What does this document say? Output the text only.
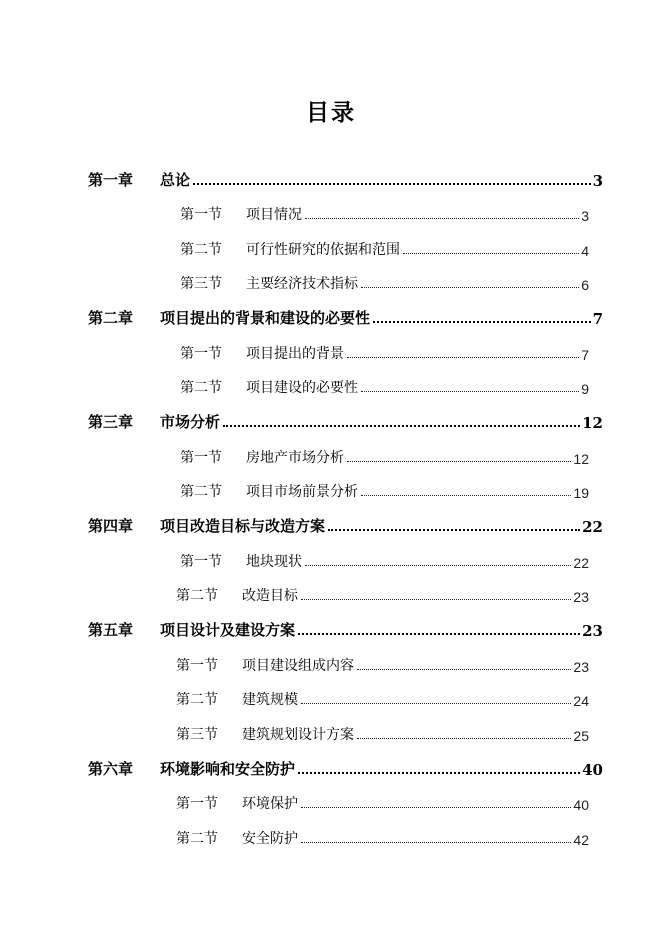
目录
第一章	总论	3
第一节	项目情况	3
第二节	可行性研究的依据和范围	4
第三节	主要经济技术指标	6
第二章	项目提出的背景和建设的必要性	7
第一节	项目提出的背景	7
第二节	项目建设的必要性	9
第三章	市场分析	12
第一节	房地产市场分析	12
第二节	项目市场前景分析	19
第四章	项目改造目标与改造方案	22
第一节	地块现状	22
第二节	改造目标	23
第五章	项目设计及建设方案	23
第一节	项目建设组成内容	23
第二节	建筑规模	24
第三节	建筑规划设计方案	25
第六章	环境影响和安全防护	40
第一节	环境保护	40
第二节	安全防护	42
